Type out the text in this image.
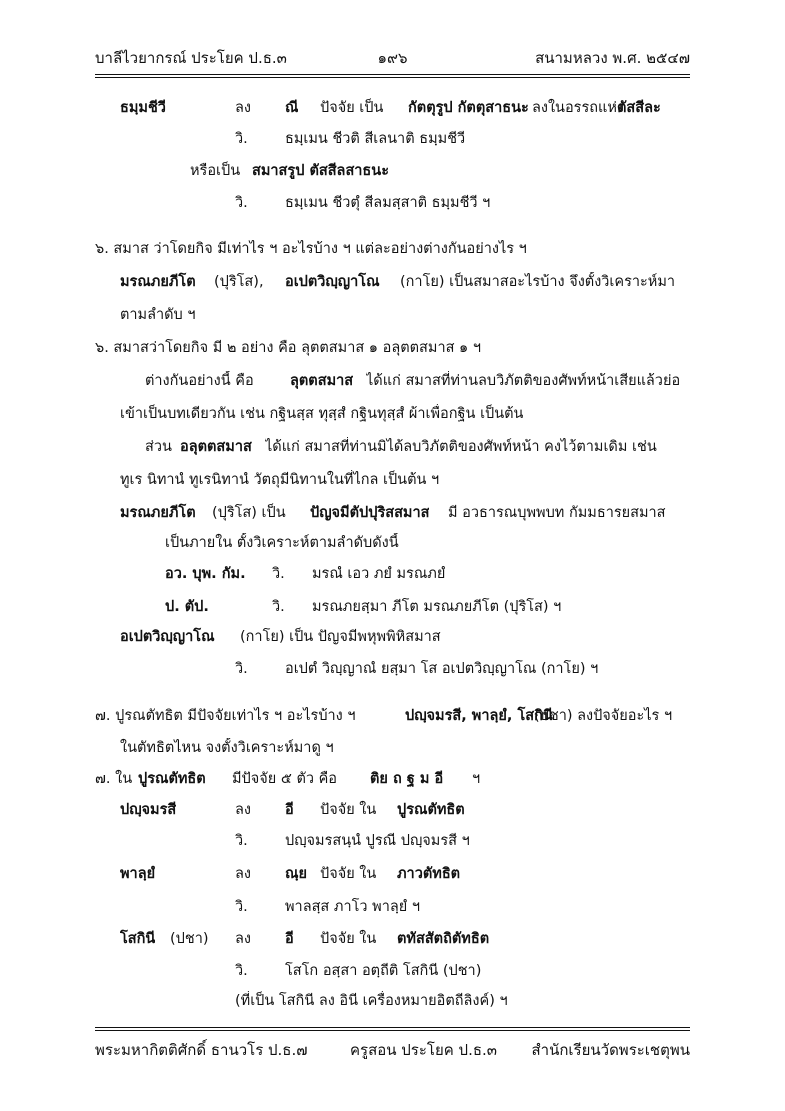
บาลีไวยากรณ์ ประโยค ป.ธ.๓	๑๙๖	สนามหลวง พ.ศ. ๒๕๔๗
ธมฺมชีวี	ลง ณี ปัจจัย เป็น กัตตุรูป กัตตุสาธนะ ลงในอรรถแห่ง
ตัสสีละ
วิ.	ธมฺเมน ชีวติ สีเลนาติ ธมฺมชีวี
หรือเป็น สมาสรูป ตัสสีลสาธนะ
วิ.	ธมฺเมน ชีวตุํ สีลมสฺสาติ ธมฺมชีวี ฯ
๖. สมาส ว่าโดยกิจ มีเท่าไร ฯ อะไรบ้าง ฯ แต่ละอย่างต่างกันอย่างไร ฯ
มรณภยภีโต (ปุริโส), อเปตวิญฺญาโณ (กาโย) เป็นสมาสอะไรบ้าง จึงตั้งวิเคราะห์มา
ตามลำดับ ฯ
๖. สมาสว่าโดยกิจ มี ๒ อย่าง คือ ลุตตสมาส ๑ อลุตตสมาส ๑ ฯ
ต่างกันอย่างนี้ คือ	ลุตตสมาส ได้แก่ สมาสที่ท่านลบวิภัตติของศัพท์หน้าเสียแล้วย่อ
เข้าเป็นบทเดียวกัน เช่น กฐินสฺส ทุสฺสํ กฐินทุสฺสํ ผ้าเพื่อกฐิน เป็นต้น
ส่วน อลุตตสมาส ได้แก่ สมาสที่ท่านมิได้ลบวิภัตติของศัพท์หน้า คงไว้ตามเดิม เช่น
ทูเร นิทานํ ทูเรนิทานํ วัตถุมีนิทานในที่ไกล เป็นต้น ฯ
มรณภยภีโต (ปุริโส) เป็น ปัญจมีตัปปุริสสมาส มี อวธารณบุพพบท กัมมธารยสมาส
เป็นภายใน ตั้งวิเคราะห์ตามลำดับดังนี้
อว. บุพ. กัม. วิ. มรณํ เอว ภยํ มรณภยํ
ป. ตัป.	วิ. มรณภยสฺมา ภีโต มรณภยภีโต (ปุริโส) ฯ
อเปตวิญฺญาโณ (กาโย) เป็น ปัญจมีพหุพพิหิสมาส
วิ.	อเปตํ วิญฺญาณํ ยสฺมา โส อเปตวิญฺญาโณ (กาโย) ฯ
๗. ปูรณตัทธิต มีปัจจัยเท่าไร ฯ อะไรบ้าง ฯ	ปญฺจมรสี, พาลฺยํ, โสกินี
(ปชา) ลงปัจจัยอะไร ฯ
ในตัทธิตไหน จงตั้งวิเคราะห์มาดู ฯ
๗. ใน ปูรณตัทธิต มีปัจจัย ๕ ตัว คือ ติย ถ ฐ ม อี ฯ
ปญฺจมรสี	ลง อี ปัจจัย ใน ปูรณตัทธิต
วิ.	ปญฺจมรสนฺนํ ปูรณี ปญฺจมรสี ฯ
พาลฺยํ	ลง ณฺย ปัจจัย ใน ภาวตัทธิต
วิ.	พาลสฺส ภาโว พาลฺยํ ฯ
โสกินี (ปชา) ลง อี ปัจจัย ใน ตทัสสัตถิตัทธิต
วิ.	โสโก อสฺสา อตฺถีติ โสกินี (ปชา)
(ที่เป็น โสกินี ลง อินี เครื่องหมายอิตถีลิงค์) ฯ
พระมหากิตติศักดิ์ ธานวโร ป.ธ.๗	ครูสอน ประโยค ป.ธ.๓ สำนักเรียนวัดพระเชตุพน
